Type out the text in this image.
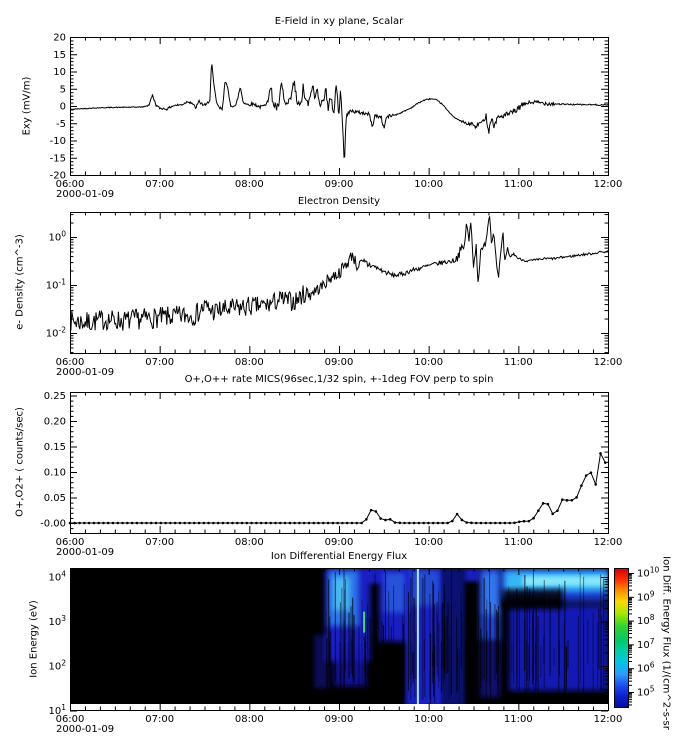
E-Field in xy plane, Scalar
Electron Density
O+,O++ rate MICS(96sec,1/32 spin, +-1deg FOV perp to spin
Ion Differential Energy Flux
Exy (mV/m)
e- Density (cm^-3)
O+,O2+ ( counts/sec)
Ion Energy (eV)	Ion Diff. Energy Flux (1/(cm^2-s-sr
06:00	07:00	08:00	09:00	10:00	11:00	12:00
2000-01-09
20
15
10
5
0
-5
-10
-15
-20
06:00	07:00	08:00	09:00	10:00	11:00	12:00
2000-01-09
$10^0$
$10^{-1}$
$10^{-2}$
06:00	07:00	08:00	09:00	10:00	11:00	12:00
2000-01-09
-0.00
0.05
0.10
0.15
0.20
0.25
06:00	07:00	08:00	09:00	10:00	11:00	12:00
2000-01-09
$10^4$
$10^3$
$10^2$
$10^1$
$10^{10}$
$10^9$
$10^8$
$10^7$
$10^6$
$10^5$
